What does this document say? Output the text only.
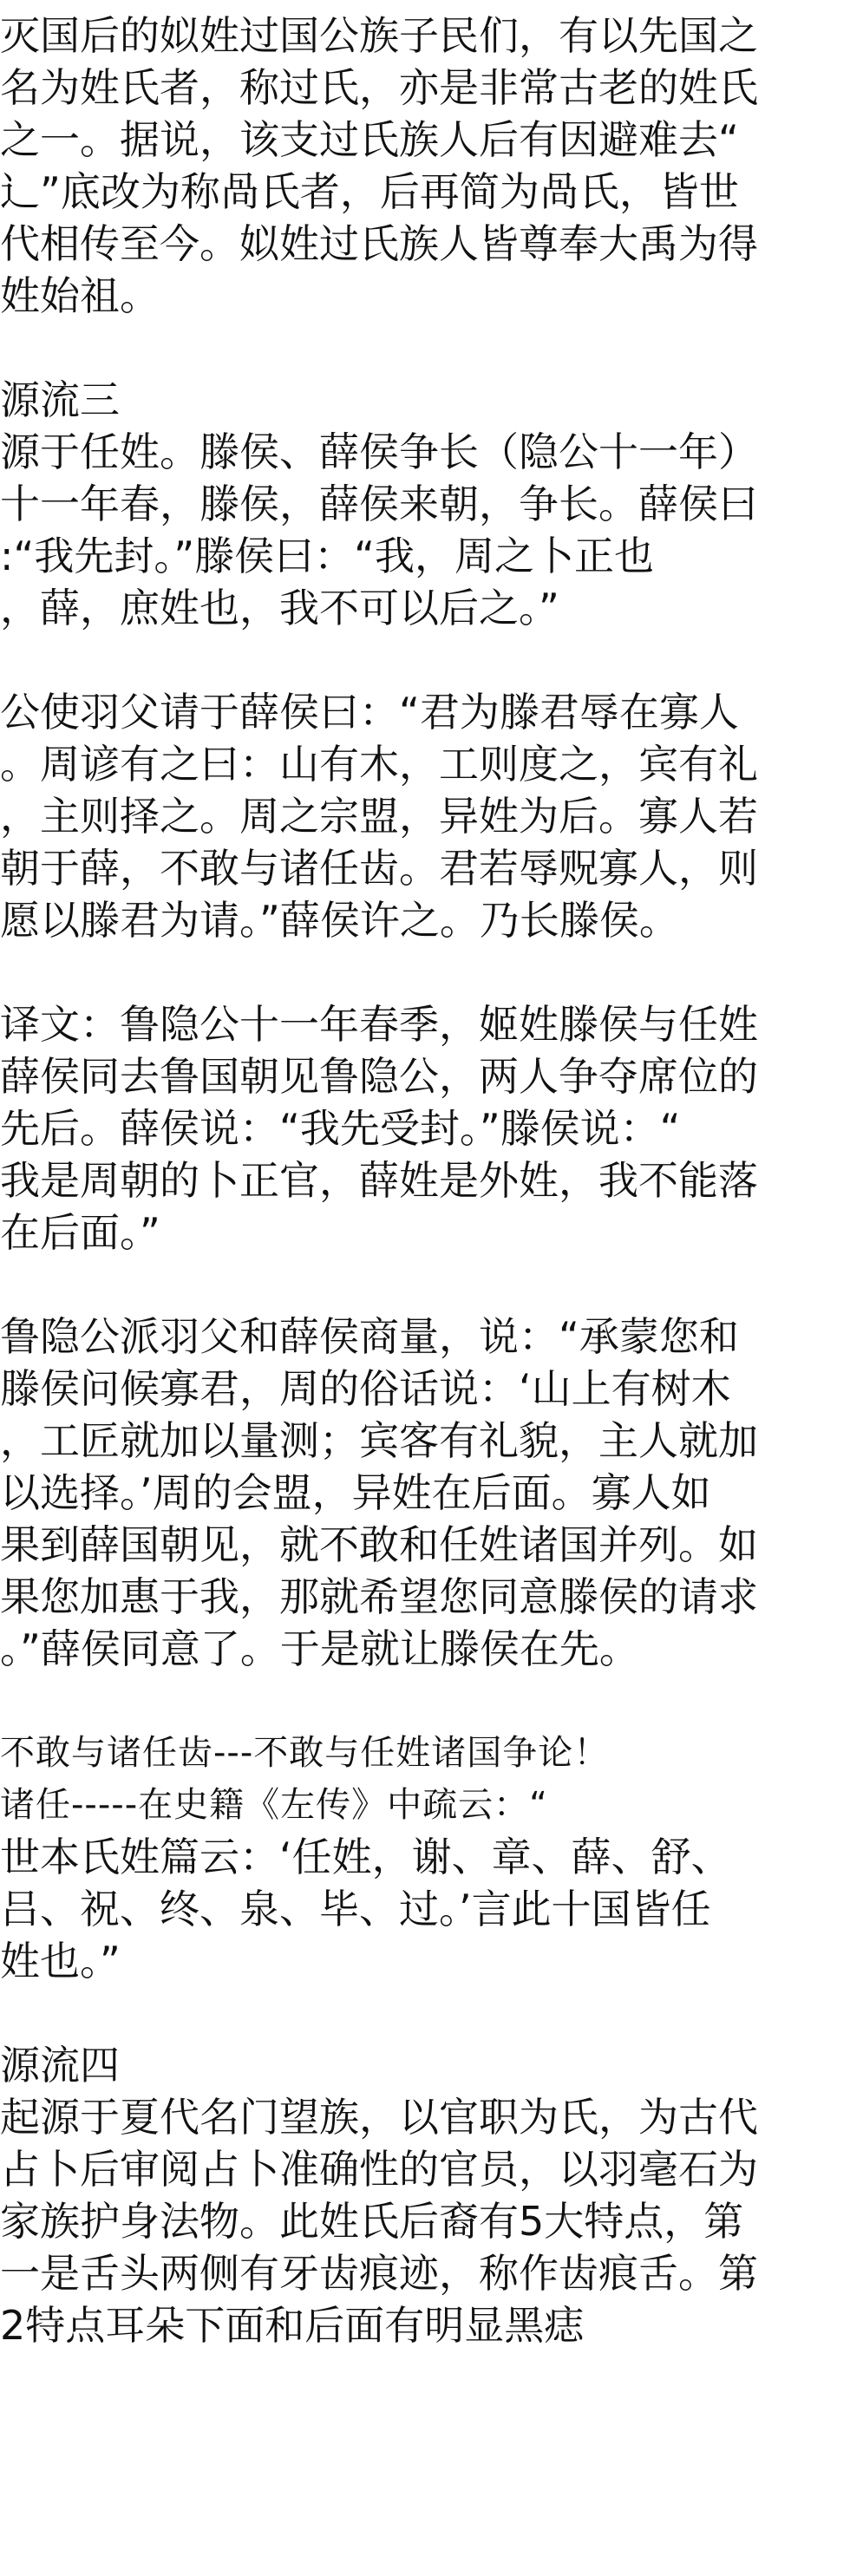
灭国后的姒姓过国公族子民们，有以先国之
名为姓氏者，称过氏，亦是非常古老的姓氏
之一。据说，该支过氏族人后有因避难去“
辶”底改为称咼氏者，后再简为咼氏，皆世
代相传至今。姒姓过氏族人皆尊奉大禹为得
姓始祖。
源流三
源于任姓。滕侯、薛侯争长（隐公十一年）
十一年春，滕侯，薛侯来朝，争长。薛侯曰
:“我先封。”滕侯曰：“我，周之卜正也
，薛，庶姓也，我不可以后之。”
公使羽父请于薛侯曰：“君为滕君辱在寡人
。周谚有之曰：山有木，工则度之，宾有礼
，主则择之。周之宗盟，异姓为后。寡人若
朝于薛，不敢与诸任齿。君若辱贶寡人，则
愿以滕君为请。”薛侯许之。乃长滕侯。
译文：鲁隐公十一年春季，姬姓滕侯与任姓
薛侯同去鲁国朝见鲁隐公，两人争夺席位的
先后。薛侯说：“我先受封。”滕侯说：“
我是周朝的卜正官，薛姓是外姓，我不能落
在后面。”
鲁隐公派羽父和薛侯商量，说：“承蒙您和
滕侯问候寡君，周的俗话说：‘山上有树木
，工匠就加以量测；宾客有礼貌，主人就加
以选择。’周的会盟，异姓在后面。寡人如
果到薛国朝见，就不敢和任姓诸国并列。如
果您加惠于我，那就希望您同意滕侯的请求
。”薛侯同意了。于是就让滕侯在先。
不敢与诸任齿---不敢与任姓诸国争论！
诸任-----在史籍《左传》中疏云：“
世本氏姓篇云：‘任姓，谢、章、薛、舒、
吕、祝、终、泉、毕、过。’言此十国皆任
姓也。”
源流四
起源于夏代名门望族，以官职为氏，为古代
占卜后审阅占卜准确性的官员，以羽毫石为
家族护身法物。此姓氏后裔有5大特点，第
一是舌头两侧有牙齿痕迹，称作齿痕舌。第
2特点耳朵下面和后面有明显黑痣
